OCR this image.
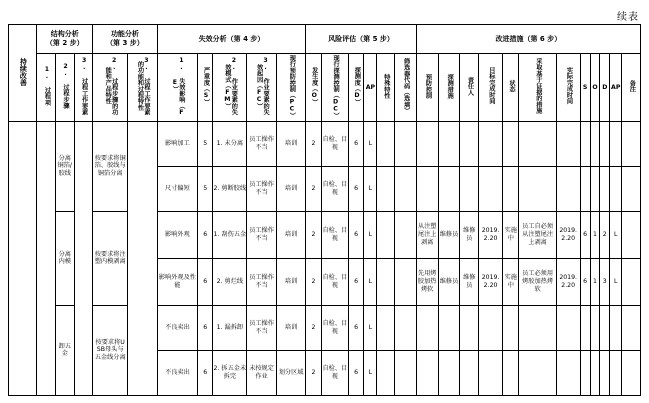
续表
持续改善	结构分析
（第 2 步）			功能分析
（第 3 步）		失效分析（第 4 步）					风险评估（第 5 步）						改进措施（第 6 步）											
	1. 过程项	2. 过程步骤	3. 过程工作要素	2. 过程步骤的功能和产品特性	3. 过程工作要素的功能和过程特性	1. 失效影响（FE）	严重度（S）	2. 作业要素的失效模式（FM）	3. 作业要素的失效起因（FC）	现行预防控制（PC）	发生度（O）	现行探测控制（DC）	探测度（D）	AP	特殊特性	筛选器代码（选填）	预防控制	探测措施	责任人	目标完成时间	状态	采取基于证据的措施	实际完成时间	S	O	D	AP	备注
		分离铜箔/胶线		按要求将铜箔、胶线与铜箔分离		影响加工	5	1. 未分离	员工操作不当	培训	2	自检、目视	6	L														
						尺寸偏短	5	2. 剪断胶线	员工操作不当	培训	2	自检、目视	6	L														
		分离内模		按要求将注塑内模剥离		影响外观	6	1. 刮伤五金	员工操作不当	培训	2	自检、目视	6	L			从注塑尾注上剥离	维修员	维修员	2019. 2.20	实施中	员工自必须从注塑尾注上剥离	2019. 2.20	6	1	2	L	
						影响外观及性能	6	2. 剪烂线	员工操作不当	培训	2	自检、目视	6	L			先用烤胶加热烤软	维修员	维修员	2019. 2.20	实施中	员工必须用烤胶加热烤软	2019. 2.20	6	1	3	L	
		卸五金		按要求将USB母头与五金线分离		不良卖出	6	1. 漏拆卸	员工操作不当	培训	2	自检、目视	6	L														
						不良卖出	6	2. 拆五金未拆完	未按规定作业	划分区域	2	自检、目视	6	L														
